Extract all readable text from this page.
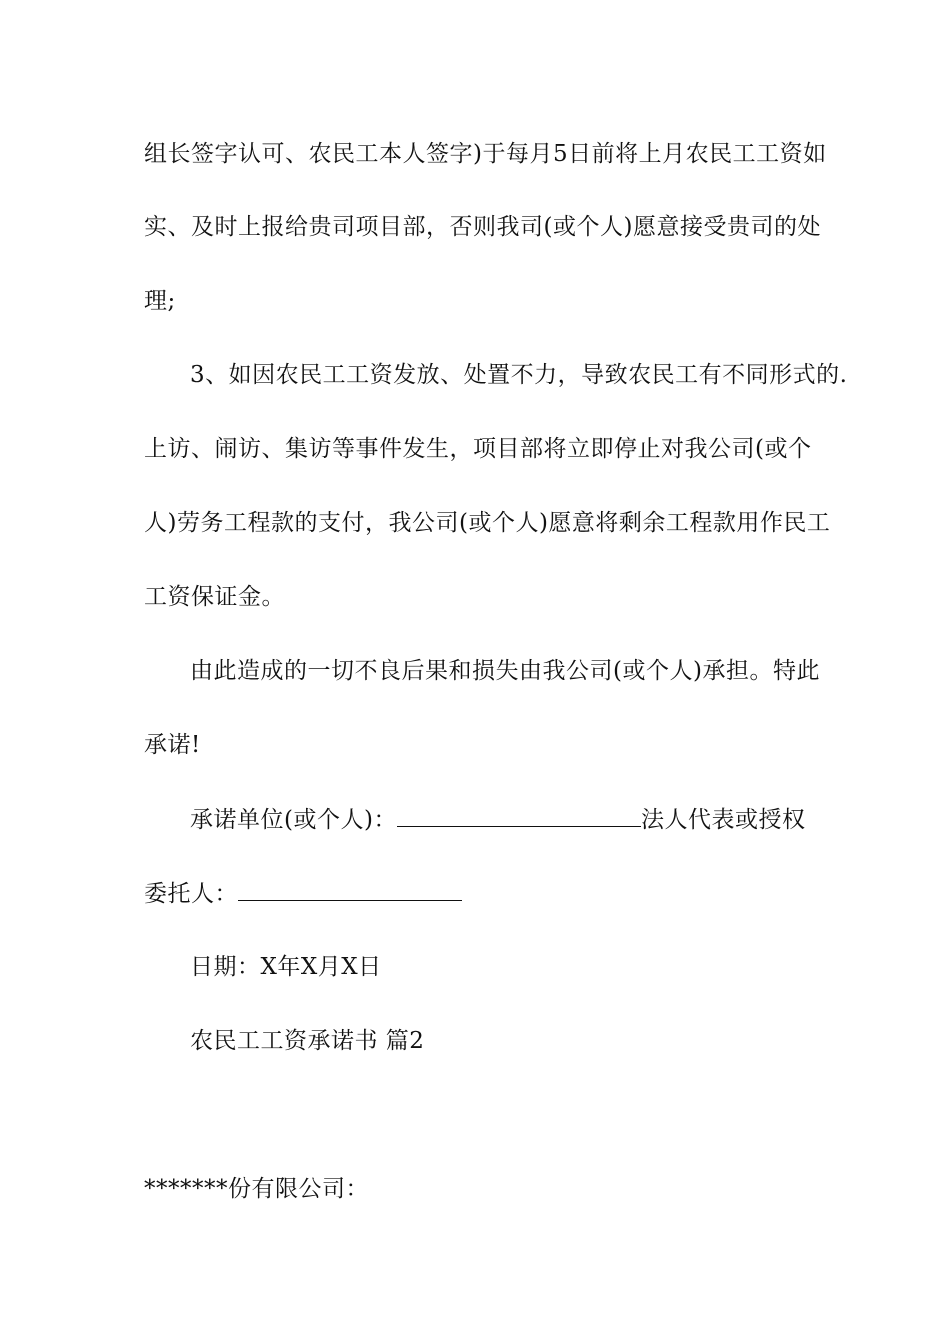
组长签字认可、农民工本人签字)于每月5日前将上月农民工工资如
实、及时上报给贵司项目部，否则我司(或个人)愿意接受贵司的处
理;
3、如因农民工工资发放、处置不力，导致农民工有不同形式的.
上访、闹访、集访等事件发生，项目部将立即停止对我公司(或个
人)劳务工程款的支付，我公司(或个人)愿意将剩余工程款用作民工
工资保证金。
由此造成的一切不良后果和损失由我公司(或个人)承担。特此
承诺!
承诺单位(或个人)：	法人代表或授权
委托人：
日期：X年X月X日
农民工工资承诺书 篇2
*******份有限公司：
